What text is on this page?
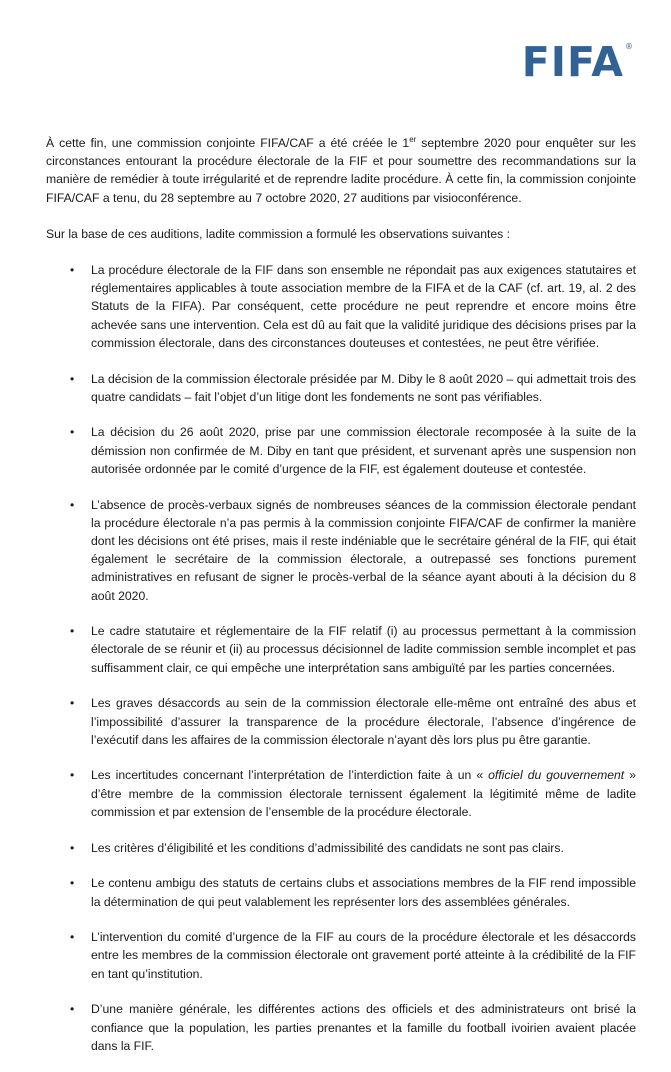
FIFA ®

À cette fin, une commission conjointe FIFA/CAF a été créée le 1er septembre 2020 pour enquêter sur les circonstances entourant la procédure électorale de la FIF et pour soumettre des recommandations sur la manière de remédier à toute irrégularité et de reprendre ladite procédure. À cette fin, la commission conjointe FIFA/CAF a tenu, du 28 septembre au 7 octobre 2020, 27 auditions par visioconférence.

Sur la base de ces auditions, ladite commission a formulé les observations suivantes :

• La procédure électorale de la FIF dans son ensemble ne répondait pas aux exigences statutaires et réglementaires applicables à toute association membre de la FIFA et de la CAF (cf. art. 19, al. 2 des Statuts de la FIFA). Par conséquent, cette procédure ne peut reprendre et encore moins être achevée sans une intervention. Cela est dû au fait que la validité juridique des décisions prises par la commission électorale, dans des circonstances douteuses et contestées, ne peut être vérifiée.
• La décision de la commission électorale présidée par M. Diby le 8 août 2020 – qui admettait trois des quatre candidats – fait l’objet d’un litige dont les fondements ne sont pas vérifiables.
• La décision du 26 août 2020, prise par une commission électorale recomposée à la suite de la démission non confirmée de M. Diby en tant que président, et survenant après une suspension non autorisée ordonnée par le comité d’urgence de la FIF, est également douteuse et contestée.
• L’absence de procès-verbaux signés de nombreuses séances de la commission électorale pendant la procédure électorale n’a pas permis à la commission conjointe FIFA/CAF de confirmer la manière dont les décisions ont été prises, mais il reste indéniable que le secrétaire général de la FIF, qui était également le secrétaire de la commission électorale, a outrepassé ses fonctions purement administratives en refusant de signer le procès-verbal de la séance ayant abouti à la décision du 8 août 2020.
• Le cadre statutaire et réglementaire de la FIF relatif (i) au processus permettant à la commission électorale de se réunir et (ii) au processus décisionnel de ladite commission semble incomplet et pas suffisamment clair, ce qui empêche une interprétation sans ambiguïté par les parties concernées.
• Les graves désaccords au sein de la commission électorale elle-même ont entraîné des abus et l’impossibilité d’assurer la transparence de la procédure électorale, l’absence d’ingérence de l’exécutif dans les affaires de la commission électorale n’ayant dès lors plus pu être garantie.
• Les incertitudes concernant l’interprétation de l’interdiction faite à un « officiel du gouvernement » d’être membre de la commission électorale ternissent également la légitimité même de ladite commission et par extension de l’ensemble de la procédure électorale.
• Les critères d’éligibilité et les conditions d’admissibilité des candidats ne sont pas clairs.
• Le contenu ambigu des statuts de certains clubs et associations membres de la FIF rend impossible la détermination de qui peut valablement les représenter lors des assemblées générales.
• L’intervention du comité d’urgence de la FIF au cours de la procédure électorale et les désaccords entre les membres de la commission électorale ont gravement porté atteinte à la crédibilité de la FIF en tant qu’institution.
• D’une manière générale, les différentes actions des officiels et des administrateurs ont brisé la confiance que la population, les parties prenantes et la famille du football ivoirien avaient placée dans la FIF.
